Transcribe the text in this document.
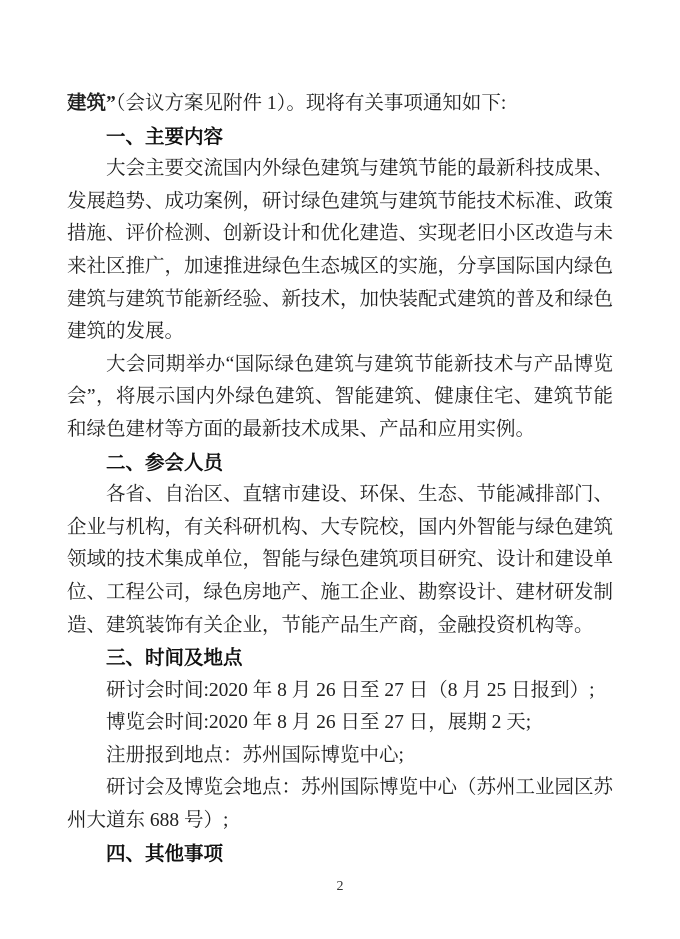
建筑”（会议方案见附件 1）。现将有关事项通知如下:

一、主要内容

大会主要交流国内外绿色建筑与建筑节能的最新科技成果、发展趋势、成功案例，研讨绿色建筑与建筑节能技术标准、政策措施、评价检测、创新设计和优化建造、实现老旧小区改造与未来社区推广，加速推进绿色生态城区的实施，分享国际国内绿色建筑与建筑节能新经验、新技术，加快装配式建筑的普及和绿色建筑的发展。

大会同期举办“国际绿色建筑与建筑节能新技术与产品博览会”，将展示国内外绿色建筑、智能建筑、健康住宅、建筑节能和绿色建材等方面的最新技术成果、产品和应用实例。

二、参会人员

各省、自治区、直辖市建设、环保、生态、节能减排部门、企业与机构，有关科研机构、大专院校，国内外智能与绿色建筑领域的技术集成单位，智能与绿色建筑项目研究、设计和建设单位、工程公司，绿色房地产、施工企业、勘察设计、建材研发制造、建筑装饰有关企业，节能产品生产商，金融投资机构等。

三、时间及地点

研讨会时间:2020 年 8 月 26 日至 27 日（8 月 25 日报到）;

博览会时间:2020 年 8 月 26 日至 27 日，展期 2 天;

注册报到地点：苏州国际博览中心;

研讨会及博览会地点：苏州国际博览中心（苏州工业园区苏州大道东 688 号）;

四、其他事项
2
